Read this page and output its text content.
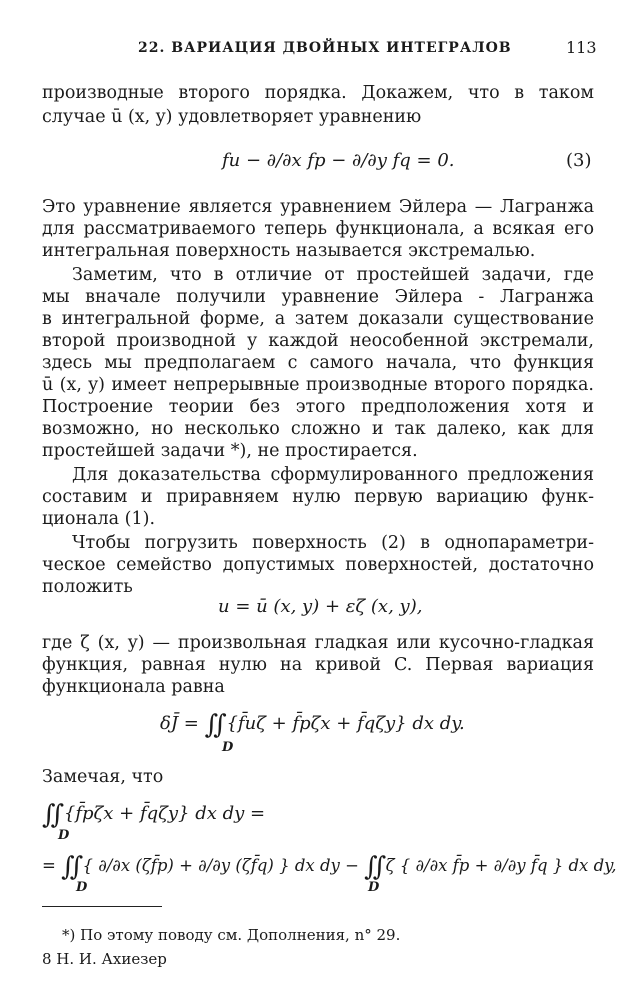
22. ВАРИАЦИЯ ДВОЙНЫХ ИНТЕГРАЛОВ	113
производные второго порядка. Докажем, что в таком
случае ū (x, y) удовлетворяет уравнению
fu − ∂/∂x fp − ∂/∂y fq = 0.	(3)
Это уравнение является уравнением Эйлера — Лагранжа
для рассматриваемого теперь функционала, а всякая его
интегральная поверхность называется экстремалью.
Заметим, что в отличие от простейшей задачи, где
мы вначале получили уравнение Эйлера - Лагранжа
в интегральной форме, а затем доказали существование
второй производной у каждой неособенной экстремали,
здесь мы предполагаем с самого начала, что функция
ū (x, y) имеет непрерывные производные второго порядка.
Построение теории без этого предположения хотя и
возможно, но несколько сложно и так далеко, как для
простейшей задачи *), не простирается.
Для доказательства сформулированного предложения
составим и приравняем нулю первую вариацию функ-
ционала (1).
Чтобы погрузить поверхность (2) в однопараметри-
ческое семейство допустимых поверхностей, достаточно
положить
u = ū (x, y) + εζ (x, y),
где ζ (x, y) — произвольная гладкая или кусочно-гладкая
функция, равная нулю на кривой C. Первая вариация
функционала равна
δJ̄ = ∬ {f̄uζ + f̄pζx + f̄qζy} dx dy.
D
Замечая, что
∬ {f̄pζx + f̄qζy} dx dy =
D
= ∬ { ∂/∂x (ζf̄p) + ∂/∂y (ζf̄q) } dx dy − ∬ ζ { ∂/∂x f̄p + ∂/∂y f̄q } dx dy,
D	D
*) По этому поводу см. Дополнения, n° 29.
8 Н. И. Ахиезер
